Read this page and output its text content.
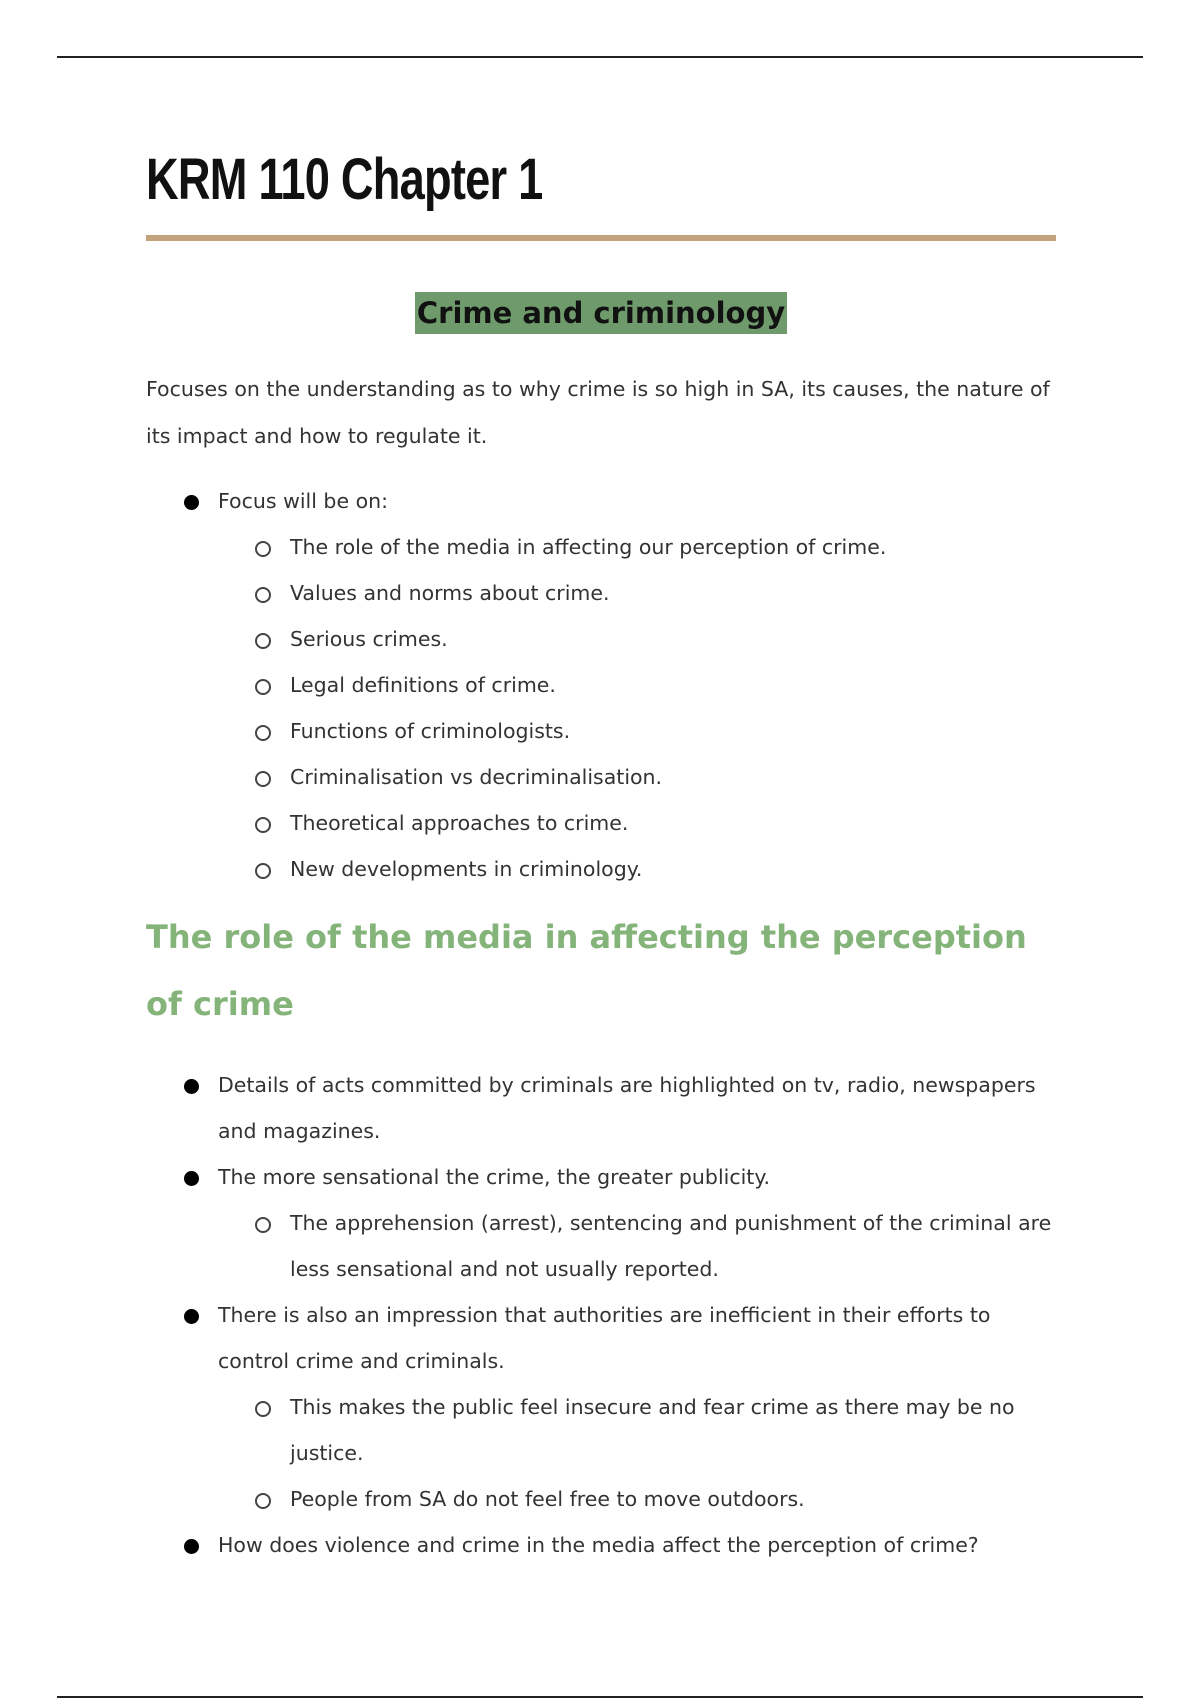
KRM 110 Chapter 1
Crime and criminology

Focuses on the understanding as to why crime is so high in SA, its causes, the nature of its impact and how to regulate it.

Focus will be on:
The role of the media in affecting our perception of crime.
Values and norms about crime.
Serious crimes.
Legal definitions of crime.
Functions of criminologists.
Criminalisation vs decriminalisation.
Theoretical approaches to crime.
New developments in criminology.
The role of the media in affecting the perception of crime
Details of acts committed by criminals are highlighted on tv, radio, newspapers and magazines.
The more sensational the crime, the greater publicity.
The apprehension (arrest), sentencing and punishment of the criminal are less sensational and not usually reported.
There is also an impression that authorities are inefficient in their efforts to control crime and criminals.
This makes the public feel insecure and fear crime as there may be no justice.
People from SA do not feel free to move outdoors.
How does violence and crime in the media affect the perception of crime?
